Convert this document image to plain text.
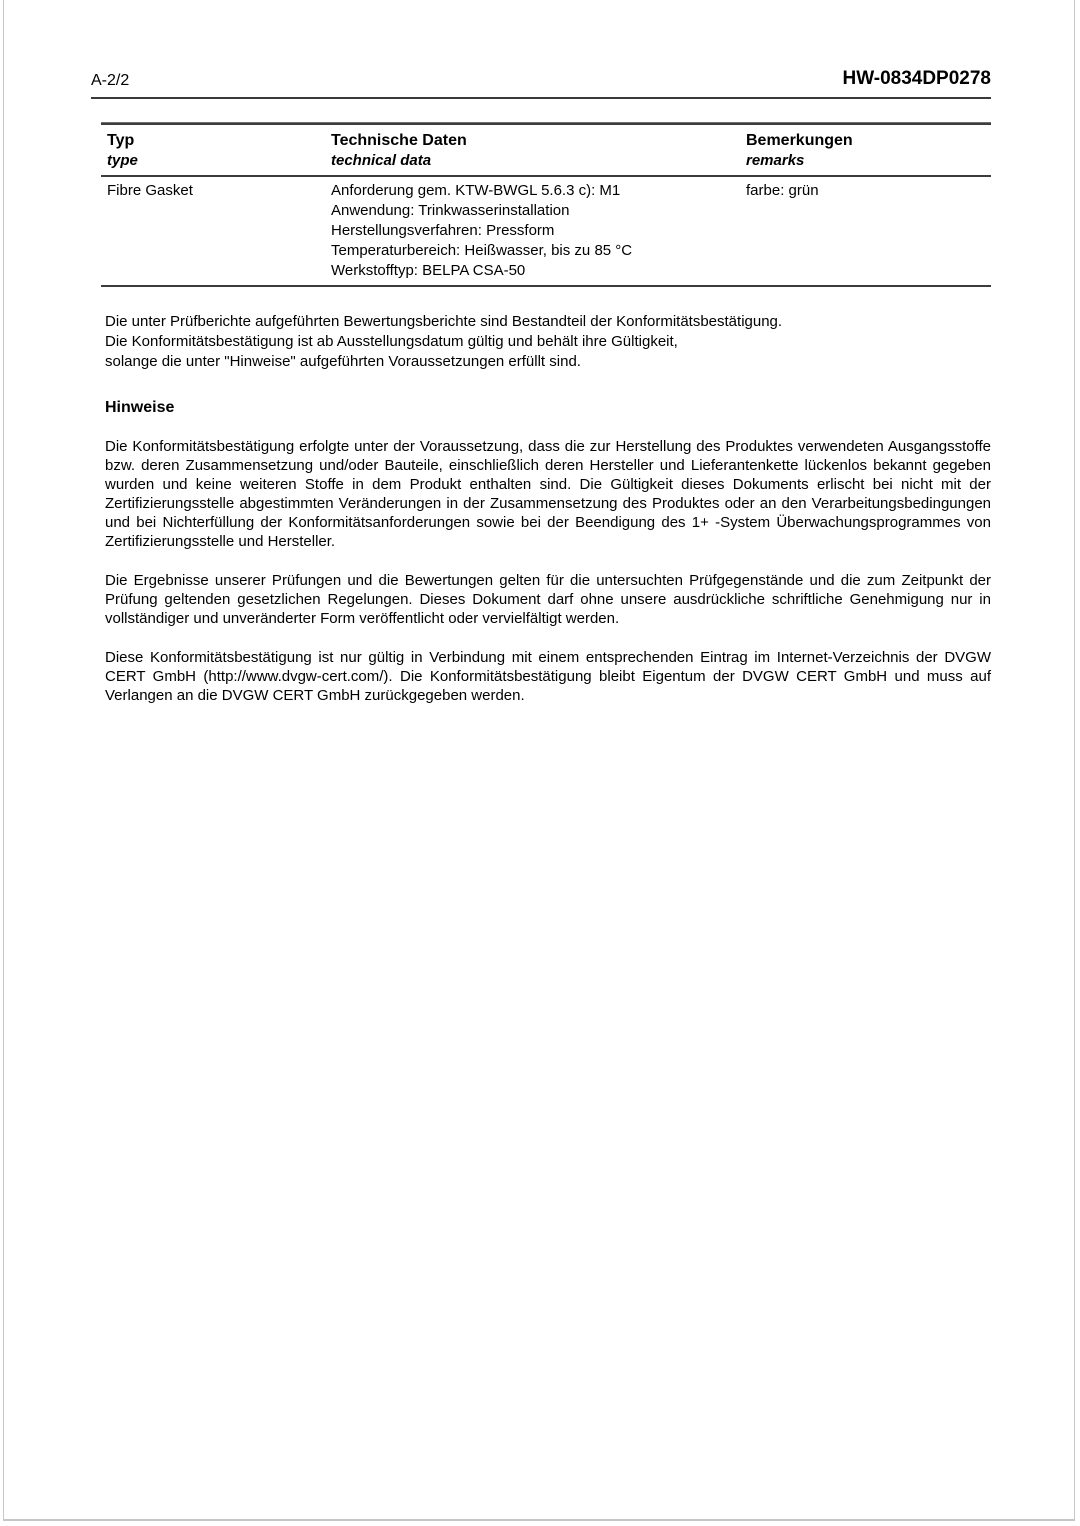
A-2/2	HW-0834DP0278
Typ
type
Technische Daten
technical data
Bemerkungen
remarks
Fibre Gasket	Anforderung gem. KTW-BWGL 5.6.3 c): M1
Anwendung: Trinkwasserinstallation
Herstellungsverfahren: Pressform
Temperaturbereich: Heißwasser, bis zu 85 °C
Werkstofftyp: BELPA CSA-50
farbe: grün
Die unter Prüfberichte aufgeführten Bewertungsberichte sind Bestandteil der Konformitätsbestätigung.
Die Konformitätsbestätigung ist ab Ausstellungsdatum gültig und behält ihre Gültigkeit,
solange die unter "Hinweise" aufgeführten Voraussetzungen erfüllt sind.
Hinweise
Die Konformitätsbestätigung erfolgte unter der Voraussetzung, dass die zur Herstellung des Produktes verwendeten Ausgangsstoffe bzw. deren Zusammensetzung und/oder Bauteile, einschließlich deren Hersteller und Lieferantenkette lückenlos bekannt gegeben wurden und keine weiteren Stoffe in dem Produkt enthalten sind. Die Gültigkeit dieses Dokuments erlischt bei nicht mit der Zertifizierungsstelle abgestimmten Veränderungen in der Zusammensetzung des Produktes oder an den Verarbeitungsbedingungen und bei Nichterfüllung der Konformitätsanforderungen sowie bei der Beendigung des 1+ -System Überwachungsprogrammes von Zertifizierungsstelle und Hersteller.
Die Ergebnisse unserer Prüfungen und die Bewertungen gelten für die untersuchten Prüfgegenstände und die zum Zeitpunkt der Prüfung geltenden gesetzlichen Regelungen. Dieses Dokument darf ohne unsere ausdrückliche schriftliche Genehmigung nur in vollständiger und unveränderter Form veröffentlicht oder vervielfältigt werden.
Diese Konformitätsbestätigung ist nur gültig in Verbindung mit einem entsprechenden Eintrag im Internet-Verzeichnis der DVGW CERT GmbH (http://www.dvgw-cert.com/). Die Konformitätsbestätigung bleibt Eigentum der DVGW CERT GmbH und muss auf Verlangen an die DVGW CERT GmbH zurückgegeben werden.
